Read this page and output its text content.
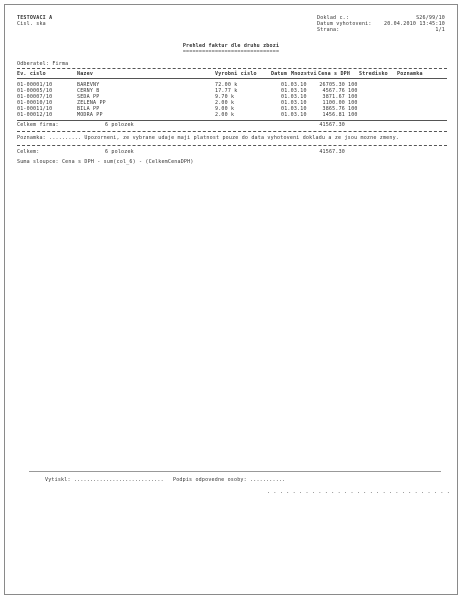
TESTOVACI A
Cisl. ska
Doklad c.:
Datum vyhotoveni:
Strana:
S26/99/10
20.04.2010 13:45:10
1/1
Prehled faktur dle druhu zbozi
==============================
Odberatel: Firma
Ev. cislo	Nazev	Vyrobni cislo	Datum Mnozstvi Cena s DPH Stredisko Poznamka
01-00001/10	BAREVNY	72.00 k	01.03.10	26705.30 100
01-00005/10	CERNY B	17.77 k	01.03.10	4567.76 100
01-00007/10	SEDA PP	9.70 k	01.03.10	3871.67 100
01-00010/10	ZELENA PP	2.00 k	01.03.10	1100.00 100
01-00011/10	BILA PP	9.00 k	01.03.10	3865.76 100
01-00012/10	MODRA PP	2.00 k	01.03.10	1456.81 100
Celkem firma:	6 polozek	41567.30
Poznamka: .......... Upozorneni, ze vybrane udaje maji platnost pouze do data vyhotoveni dokladu a ze jsou mozne zmeny.
Celkem:	6 polozek	41567.30
Suma sloupce: Cena s DPH - sum(col_6) - (CelkemCenaDPH)
Vytiskl: ............................ Podpis odpovedne osoby: ...........
. . . . . . . . . . . . . . . . . . . . . . . . . . . . .
